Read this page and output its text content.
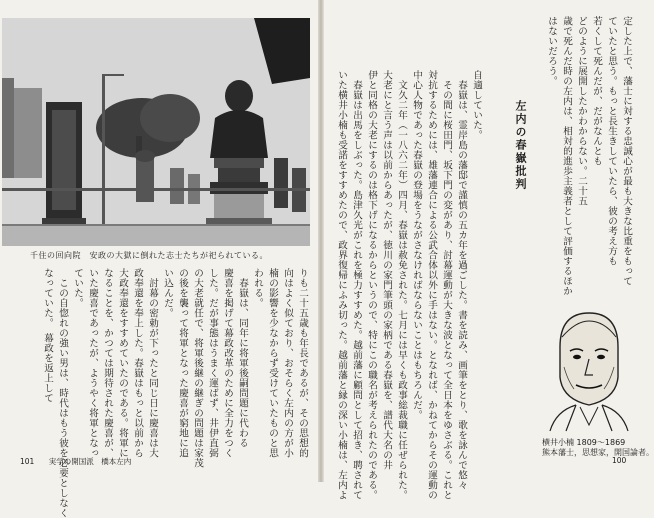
千住の回向院　安政の大獄に倒れた志士たちが祀られている。
りも二十五歳も年長であるが、その思想的
向はよく似ており、おそらく左内の方が小
楠の影響を少なからず受けていたものと思
われる。
　春嶽は、同年に将軍後嗣問題に代わる
慶喜を掲げて幕政改革のために全力をつく
した。だが事態はうまく運ばず、井伊直弼
の大老就任で、将軍後継の継ぎの問題は家茂
の後を襲って将軍となった慶喜が窮地に追
い込んだ。
　討幕の密勅が下ったと同じ日に慶喜は大
政奉還を奉上した。春嶽はもっと以前から
大政奉還をすすめていたのである。将軍に
なることを、かつては期待された慶喜が、
いた慶喜であったが、ようやく将軍となっ
ていた。
　この自惚れの強い男は、時代はもう彼を必要としなく
なっていた。　幕政を返上して
101 実学の開国派　橋本左内
定した上で、藩士に対する忠誠心が最も大きな比重をもって
ていたと思う。もっと長生きしていたら、彼の考え方も
若くして死んだが、だがなんとも
どのように展開したかわからない。二十五
歳で死んだ時の左内は、相対的進歩主義者として評価するほか
はないだろう。
左内の春嶽批判
自適していた。
　春嶽は、霊岸島の藩邸で謹慎の五カ年を過ごした。書を読み、画筆をとり、歌を詠んで悠々
　その間に桜田門、坂下門の変があり、討幕運動が大きな波となって全日本をゆさぶる。これと
対抗するためには、雄藩連合による公武合体以外に手はない。となれば、かねてからその運動の
中心人物であった春嶽の登場をうながさなければならないことはもちろんだ。
　文久二年（一八六二年）四月、春嶽は赦免された。七月には早くも政事総裁職に任ぜられた。
大老にと言う声は以前からあったが、徳川の家門筆頭の家柄である春嶽を、譜代大名の井
伊と同格の大老にするのは格下げになるからというので、特にこの職名が考えられたのである。
　春嶽は出馬をしぶった。島津久光がこれを極力すすめた。越前藩に顧問として招き、聘されて
いた横井小楠も受諾をすすめたので、政界復帰にふみ切った。越前藩と縁の深い小楠は、左内よ	横井小楠 1809～1869
熊本藩士，思想家，開国論者。
100
